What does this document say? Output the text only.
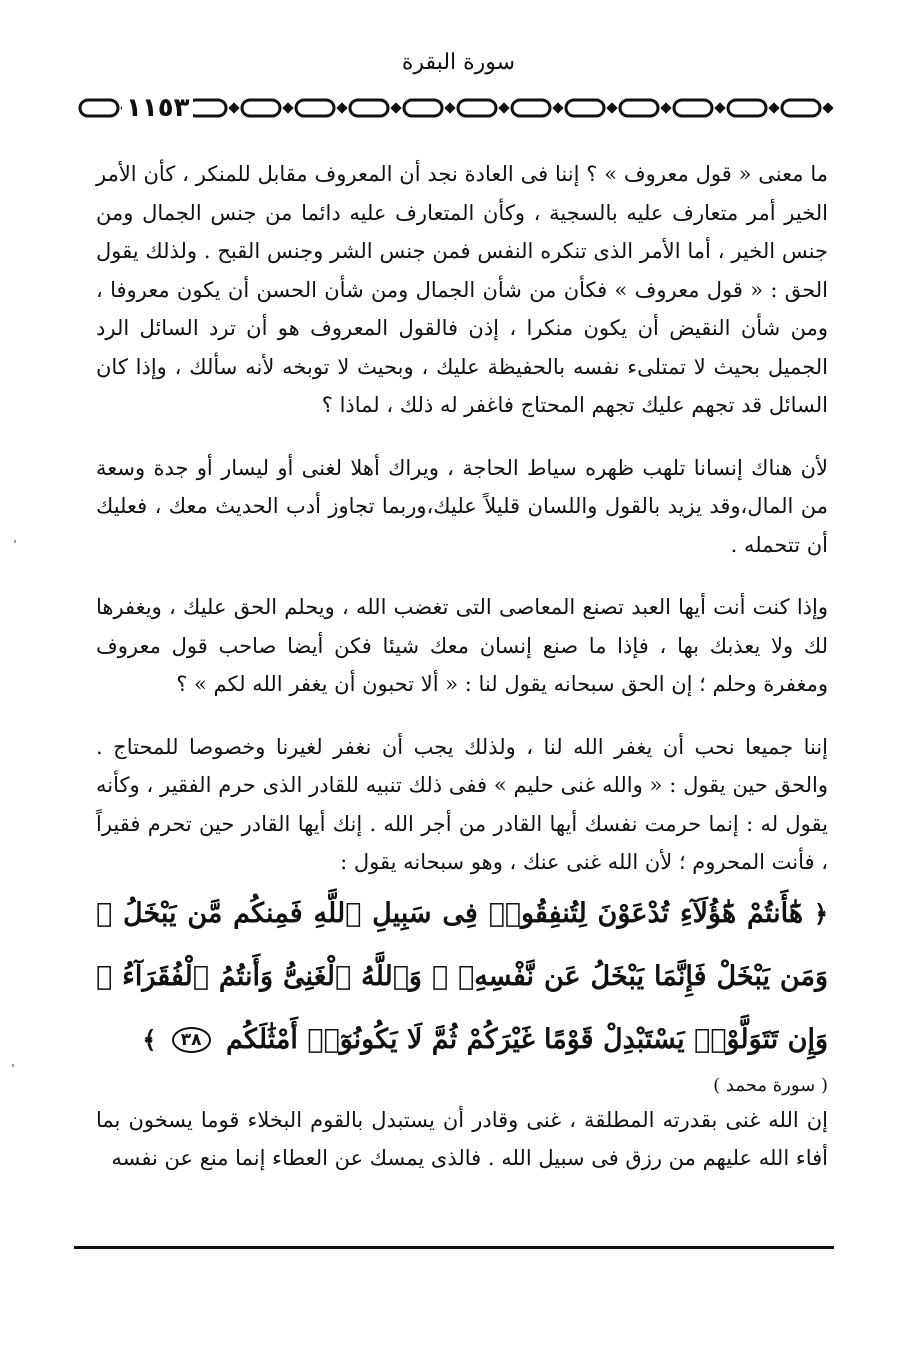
سورة البقرة
١١٥٣

ما معنى « قول معروف » ؟ إننا فى العادة نجد أن المعروف مقابل للمنكر ، كأن الأمر الخير أمر متعارف عليه بالسجية ، وكأن المتعارف عليه دائما من جنس الجمال ومن جنس الخير ، أما الأمر الذى تنكره النفس فمن جنس الشر وجنس القبح . ولذلك يقول الحق : « قول معروف » فكأن من شأن الجمال ومن شأن الحسن أن يكون معروفا ، ومن شأن النقيض أن يكون منكرا ، إذن فالقول المعروف هو أن ترد السائل الرد الجميل بحيث لا تمتلىء نفسه بالحفيظة عليك ، وبحيث لا توبخه لأنه سألك ، وإذا كان السائل قد تجهم عليك تجهم المحتاج فاغفر له ذلك ، لماذا ؟

لأن هناك إنسانا تلهب ظهره سياط الحاجة ، ويراك أهلا لغنى أو ليسار أو جدة وسعة من المال،وقد يزيد بالقول واللسان قليلاً عليك،وربما تجاوز أدب الحديث معك ، فعليك أن تتحمله .

وإذا كنت أنت أيها العبد تصنع المعاصى التى تغضب الله ، ويحلم الحق عليك ، ويغفرها لك ولا يعذبك بها ، فإذا ما صنع إنسان معك شيئا فكن أيضا صاحب قول معروف ومغفرة وحلم ؛ إن الحق سبحانه يقول لنا : « ألا تحبون أن يغفر الله لكم » ؟

إننا جميعا نحب أن يغفر الله لنا ، ولذلك يجب أن نغفر لغيرنا وخصوصا للمحتاج . والحق حين يقول : « والله غنى حليم » ففى ذلك تنبيه للقادر الذى حرم الفقير ، وكأنه يقول له : إنما حرمت نفسك أيها القادر من أجر الله . إنك أيها القادر حين تحرم فقيراً ، فأنت المحروم ؛ لأن الله غنى عنك ، وهو سبحانه يقول :

﴿ هَٰٓأَنتُمْ هَٰٓؤُلَآءِ تُدْعَوْنَ لِتُنفِقُوا۟ فِى سَبِيلِ ٱللَّهِ فَمِنكُم مَّن يَبْخَلُ ۖ وَمَن يَبْخَلْ فَإِنَّمَا يَبْخَلُ عَن نَّفْسِهِۦ ۚ وَٱللَّهُ ٱلْغَنِىُّ وَأَنتُمُ ٱلْفُقَرَآءُ ۚ وَإِن تَتَوَلَّوْا۟ يَسْتَبْدِلْ قَوْمًا غَيْرَكُمْ ثُمَّ لَا يَكُونُوٓا۟ أَمْثَٰلَكُم ٣٨ ﴾

( سورة محمد )

إن الله غنى بقدرته المطلقة ، غنى وقادر أن يستبدل بالقوم البخلاء قوما يسخون بما أفاء الله عليهم من رزق فى سبيل الله . فالذى يمسك عن العطاء إنما منع عن نفسه
